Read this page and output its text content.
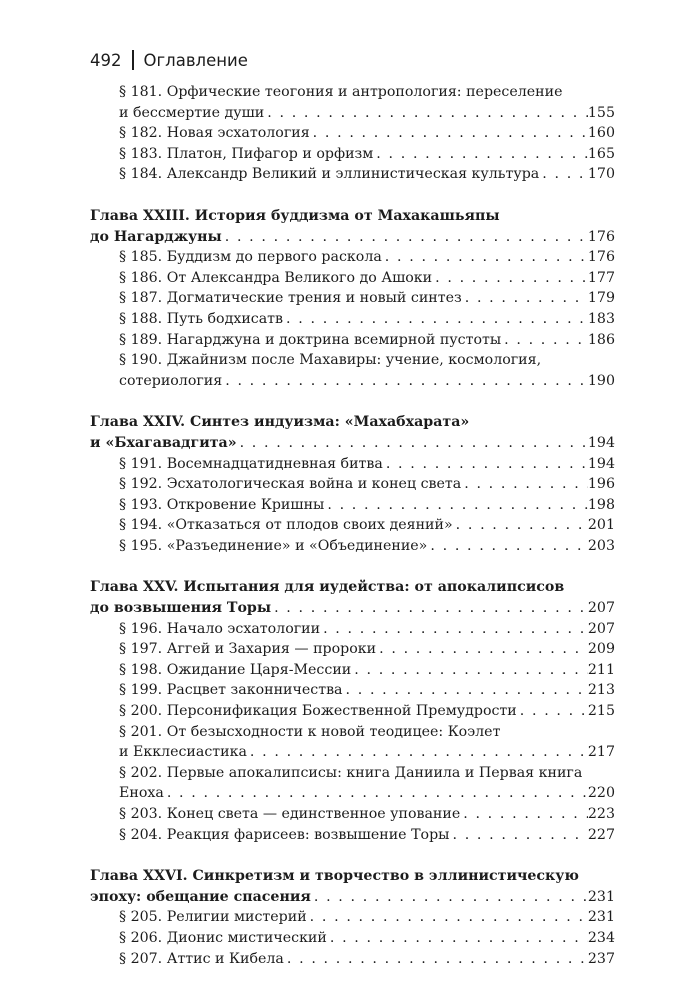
492 Оглавление
§ 181. Орфические теогония и антропология: переселение
и бессмертие души . . .	155
§ 182. Новая эсхатология . . .	160
§ 183. Платон, Пифагор и орфизм . . .	165
§ 184. Александр Великий и эллинистическая культура . . .	170
Глава XXIII. История буддизма от Махакашьяпы
до Нагарджуны . . .	176
§ 185. Буддизм до первого раскола . . .	176
§ 186. От Александра Великого до Ашоки . . .	177
§ 187. Догматические трения и новый синтез . . .	179
§ 188. Путь бодхисатв . . .	183
§ 189. Нагарджуна и доктрина всемирной пустоты . . .	186
§ 190. Джайнизм после Махавиры: учение, космология,
сотериология . . .	190
Глава XXIV. Синтез индуизма: «Махабхарата»
и «Бхагавадгита» . . .	194
§ 191. Восемнадцатидневная битва . . .	194
§ 192. Эсхатологическая война и конец света . . .	196
§ 193. Откровение Кришны . . .	198
§ 194. «Отказаться от плодов своих деяний» . . .	201
§ 195. «Разъединение» и «Объединение» . . .	203
Глава XXV. Испытания для иудейства: от апокалипсисов
до возвышения Торы . . .	207
§ 196. Начало эсхатологии . . .	207
§ 197. Аггей и Захария — пророки . . .	209
§ 198. Ожидание Царя-Мессии . . .	211
§ 199. Расцвет законничества . . .	213
§ 200. Персонификация Божественной Премудрости . . .	215
§ 201. От безысходности к новой теодицее: Коэлет
и Екклесиастика . . .	217
§ 202. Первые апокалипсисы: книга Даниила и Первая книга
Еноха . . .	220
§ 203. Конец света — единственное упование . . .	223
§ 204. Реакция фарисеев: возвышение Торы . . .	227
Глава XXVI. Синкретизм и творчество в эллинистическую
эпоху: обещание спасения . . .	231
§ 205. Религии мистерий . . .	231
§ 206. Дионис мистический . . .	234
§ 207. Аттис и Кибела . . .	237
